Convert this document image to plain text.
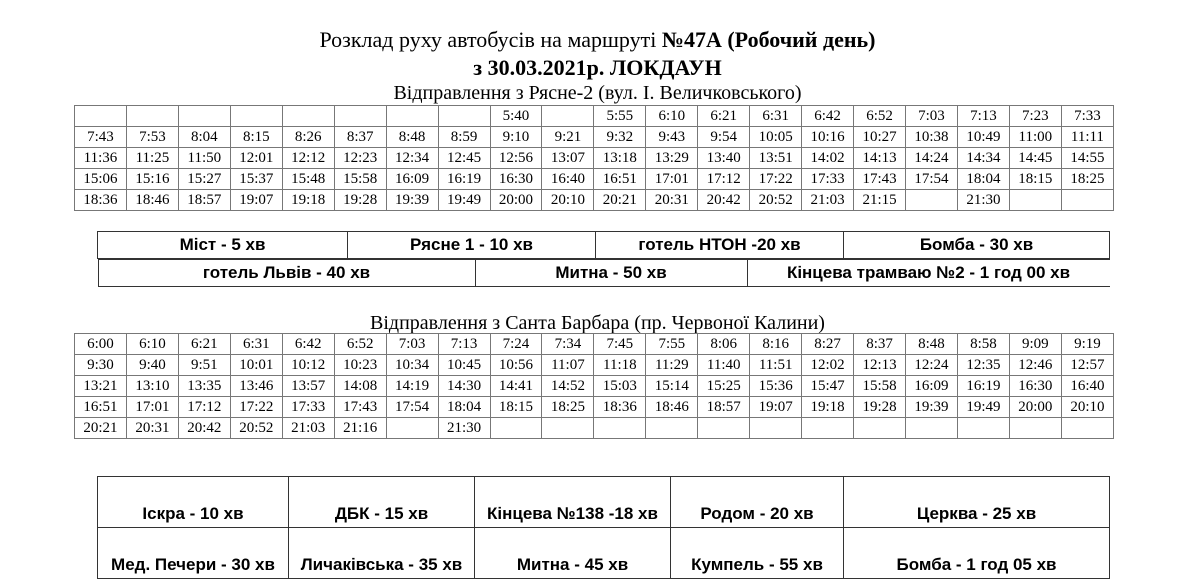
Розклад руху автобусів на маршруті №47А (Робочий день)
з 30.03.2021р. ЛОКДАУН
Відправлення з Рясне-2 (вул. І. Величковського)
Відправлення з Санта Барбара (пр. Червоної Калини)
								5:40		5:55	6:10	6:21	6:31	6:42	6:52	7:03	7:13	7:23	7:33
7:43	7:53	8:04	8:15	8:26	8:37	8:48	8:59	9:10	9:21	9:32	9:43	9:54	10:05	10:16	10:27	10:38	10:49	11:00	11:11
11:36	11:25	11:50	12:01	12:12	12:23	12:34	12:45	12:56	13:07	13:18	13:29	13:40	13:51	14:02	14:13	14:24	14:34	14:45	14:55
15:06	15:16	15:27	15:37	15:48	15:58	16:09	16:19	16:30	16:40	16:51	17:01	17:12	17:22	17:33	17:43	17:54	18:04	18:15	18:25
18:36	18:46	18:57	19:07	19:18	19:28	19:39	19:49	20:00	20:10	20:21	20:31	20:42	20:52	21:03	21:15		21:30		
Міст - 5 хв	Рясне 1 - 10 хв	готель НТОН -20 хв	Бомба - 30 хв

готель Львів - 40 хв	Митна - 50 хв	Кінцева трамваю №2 - 1 год 00 хв
6:00	6:10	6:21	6:31	6:42	6:52	7:03	7:13	7:24	7:34	7:45	7:55	8:06	8:16	8:27	8:37	8:48	8:58	9:09	9:19
9:30	9:40	9:51	10:01	10:12	10:23	10:34	10:45	10:56	11:07	11:18	11:29	11:40	11:51	12:02	12:13	12:24	12:35	12:46	12:57
13:21	13:10	13:35	13:46	13:57	14:08	14:19	14:30	14:41	14:52	15:03	15:14	15:25	15:36	15:47	15:58	16:09	16:19	16:30	16:40
16:51	17:01	17:12	17:22	17:33	17:43	17:54	18:04	18:15	18:25	18:36	18:46	18:57	19:07	19:18	19:28	19:39	19:49	20:00	20:10
20:21	20:31	20:42	20:52	21:03	21:16		21:30												
Іскра - 10 хв	ДБК - 15 хв	Кінцева №138 -18 хв	Родом - 20 хв	Церква - 25 хв
Мед. Печери - 30 хв	Личаківська - 35 хв	Митна - 45 хв	Кумпель - 55 хв	Бомба - 1 год 05 хв
